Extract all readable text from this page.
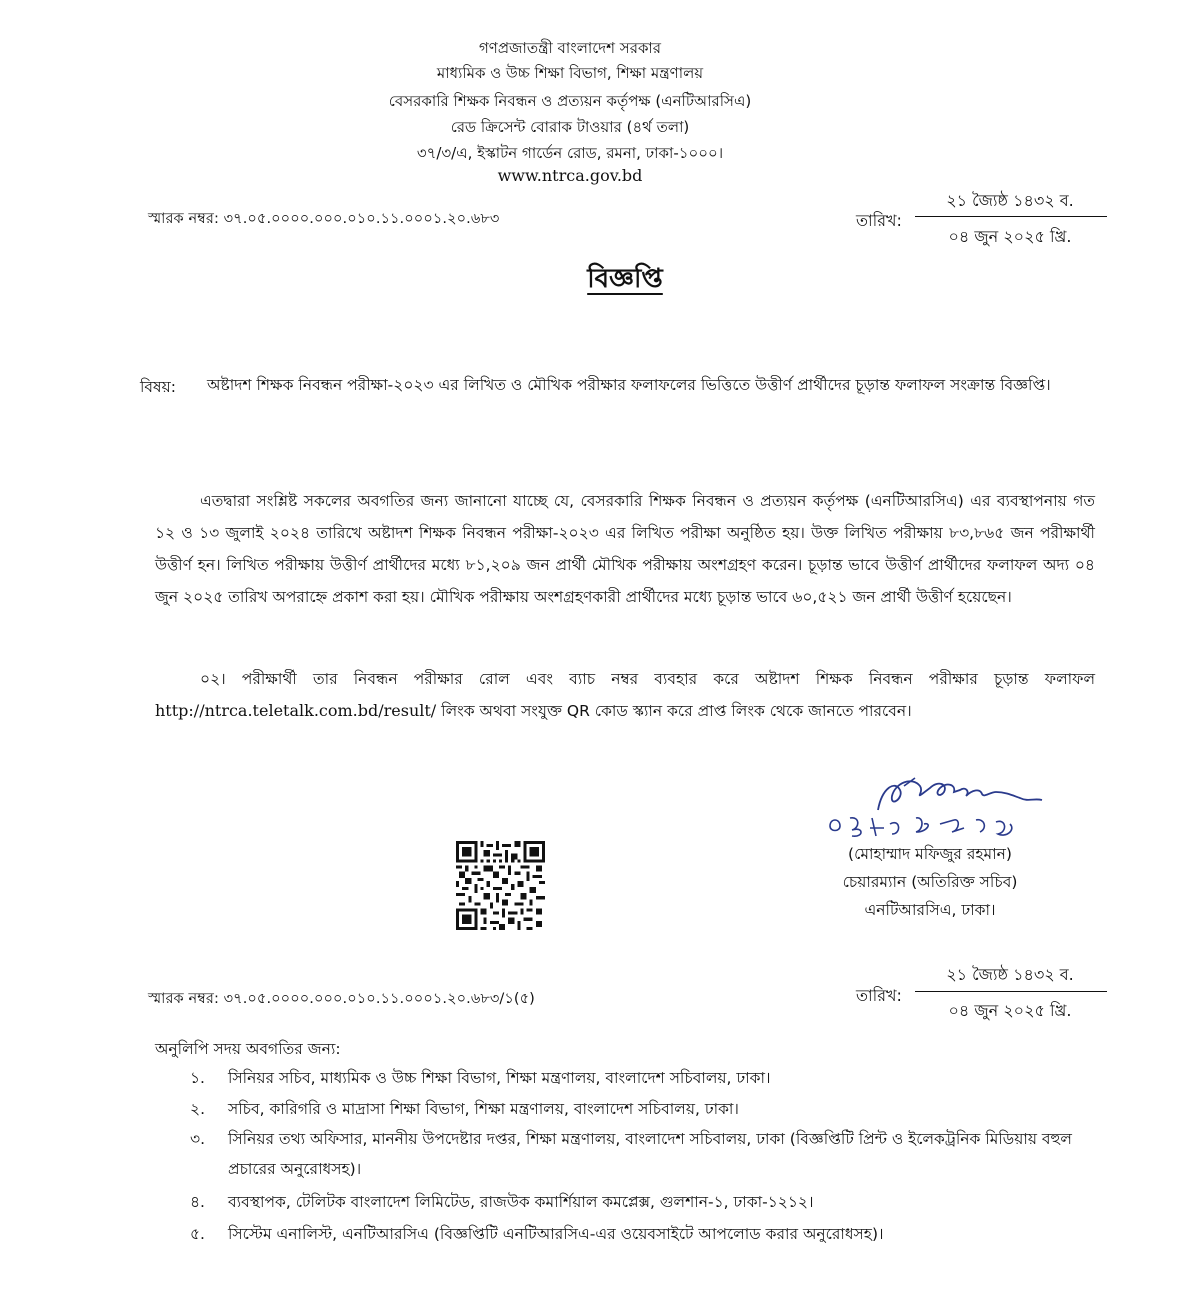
গণপ্রজাতন্ত্রী বাংলাদেশ সরকার

মাধ্যমিক ও উচ্চ শিক্ষা বিভাগ, শিক্ষা মন্ত্রণালয়

বেসরকারি শিক্ষক নিবন্ধন ও প্রত্যয়ন কর্তৃপক্ষ (এনটিআরসিএ)

রেড ক্রিসেন্ট বোরাক টাওয়ার (৪র্থ তলা)

৩৭/৩/এ, ইস্কাটন গার্ডেন রোড, রমনা, ঢাকা-১০০০।

www.ntrca.gov.bd

স্মারক নম্বর: ৩৭.০৫.০০০০.০০০.০১০.১১.০০০১.২০.৬৮৩	তারিখ:

২১ জ্যৈষ্ঠ ১৪৩২ ব.

০৪ জুন ২০২৫ খ্রি.

বিজ্ঞপ্তি

বিষয়: অষ্টাদশ শিক্ষক নিবন্ধন পরীক্ষা-২০২৩ এর লিখিত ও মৌখিক পরীক্ষার ফলাফলের ভিত্তিতে উত্তীর্ণ প্রার্থীদের চূড়ান্ত ফলাফল সংক্রান্ত বিজ্ঞপ্তি।

এতদ্বারা সংশ্লিষ্ট সকলের অবগতির জন্য জানানো যাচ্ছে যে, বেসরকারি শিক্ষক নিবন্ধন ও প্রত্যয়ন কর্তৃপক্ষ (এনটিআরসিএ) এর ব্যবস্থাপনায় গত ১২ ও ১৩ জুলাই ২০২৪ তারিখে অষ্টাদশ শিক্ষক নিবন্ধন পরীক্ষা-২০২৩ এর লিখিত পরীক্ষা অনুষ্ঠিত হয়। উক্ত লিখিত পরীক্ষায় ৮৩,৮৬৫ জন পরীক্ষার্থী উত্তীর্ণ হন। লিখিত পরীক্ষায় উত্তীর্ণ প্রার্থীদের মধ্যে ৮১,২০৯ জন প্রার্থী মৌখিক পরীক্ষায় অংশগ্রহণ করেন। চূড়ান্ত ভাবে উত্তীর্ণ প্রার্থীদের ফলাফল অদ্য ০৪ জুন ২০২৫ তারিখ অপরাহ্নে প্রকাশ করা হয়। মৌখিক পরীক্ষায় অংশগ্রহণকারী প্রার্থীদের মধ্যে চূড়ান্ত ভাবে ৬০,৫২১ জন প্রার্থী উত্তীর্ণ হয়েছেন।

০২। পরীক্ষার্থী তার নিবন্ধন পরীক্ষার রোল এবং ব্যাচ নম্বর ব্যবহার করে অষ্টাদশ শিক্ষক নিবন্ধন পরীক্ষার চূড়ান্ত ফলাফল http://ntrca.teletalk.com.bd/result/ লিংক অথবা সংযুক্ত QR কোড স্ক্যান করে প্রাপ্ত লিংক থেকে জানতে পারবেন।

০৪.০৬.২০২৫

(মোহাম্মাদ মফিজুর রহমান)

চেয়ারম্যান (অতিরিক্ত সচিব)

এনটিআরসিএ, ঢাকা।

স্মারক নম্বর: ৩৭.০৫.০০০০.০০০.০১০.১১.০০০১.২০.৬৮৩/১(৫)	তারিখ:

২১ জ্যৈষ্ঠ ১৪৩২ ব.

০৪ জুন ২০২৫ খ্রি.

অনুলিপি সদয় অবগতির জন্য:

১.	সিনিয়র সচিব, মাধ্যমিক ও উচ্চ শিক্ষা বিভাগ, শিক্ষা মন্ত্রণালয়, বাংলাদেশ সচিবালয়, ঢাকা।
২.	সচিব, কারিগরি ও মাদ্রাসা শিক্ষা বিভাগ, শিক্ষা মন্ত্রণালয়, বাংলাদেশ সচিবালয়, ঢাকা।
৩.	সিনিয়র তথ্য অফিসার, মাননীয় উপদেষ্টার দপ্তর, শিক্ষা মন্ত্রণালয়, বাংলাদেশ সচিবালয়, ঢাকা (বিজ্ঞপ্তিটি প্রিন্ট ও ইলেকট্রনিক মিডিয়ায় বহুল প্রচারের অনুরোধসহ)।
৪.	ব্যবস্থাপক, টেলিটক বাংলাদেশ লিমিটেড, রাজউক কমার্শিয়াল কমপ্লেক্স, গুলশান-১, ঢাকা-১২১২।
৫.	সিস্টেম এনালিস্ট, এনটিআরসিএ (বিজ্ঞপ্তিটি এনটিআরসিএ-এর ওয়েবসাইটে আপলোড করার অনুরোধসহ)।
